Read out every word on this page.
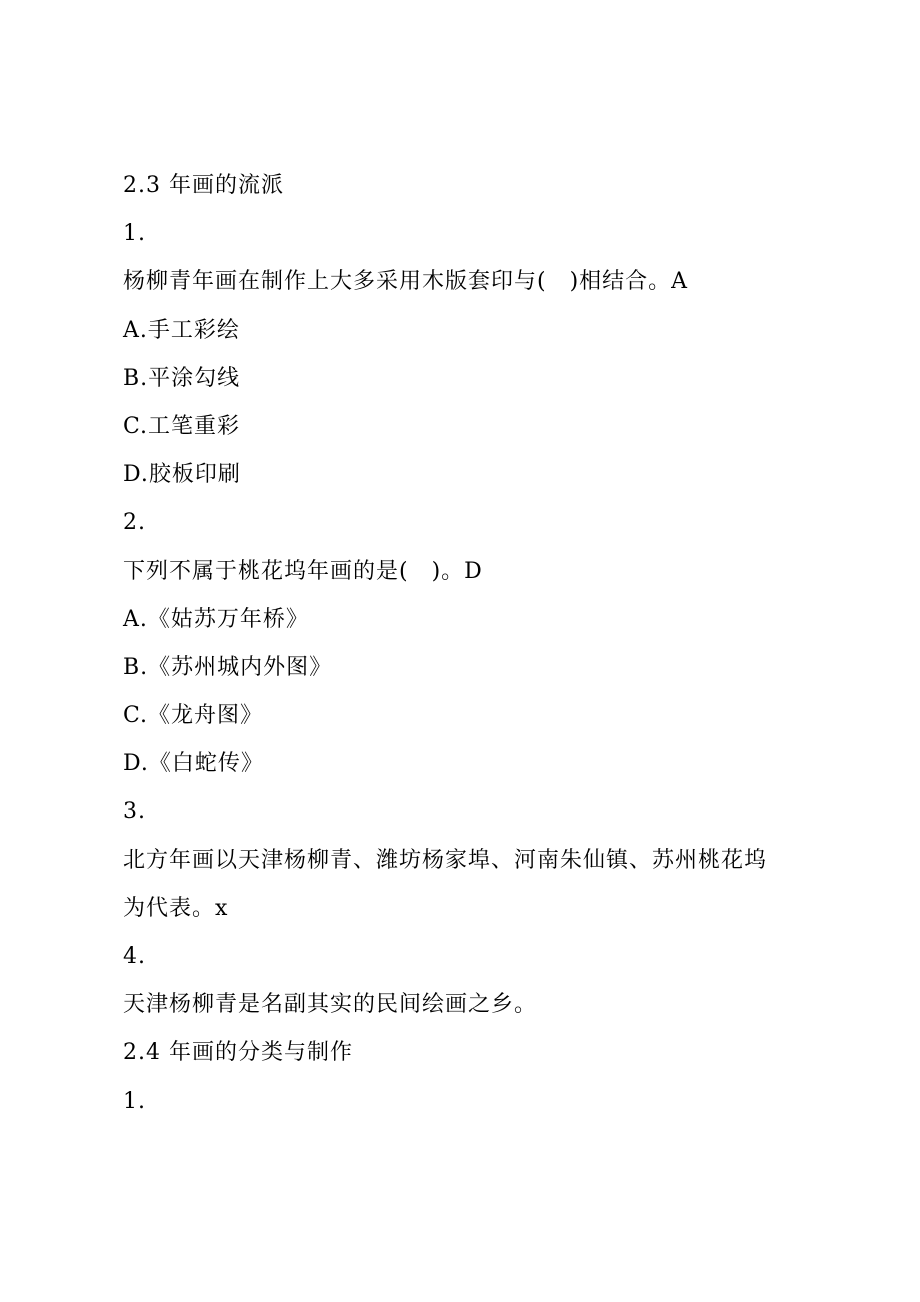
2.3 年画的流派
1.
杨柳青年画在制作上大多采用木版套印与(　)相结合。A
A.手工彩绘
B.平涂勾线
C.工笔重彩
D.胶板印刷
2.
下列不属于桃花坞年画的是(　)。D
A.《姑苏万年桥》
B.《苏州城内外图》
C.《龙舟图》
D.《白蛇传》
3.
北方年画以天津杨柳青、潍坊杨家埠、河南朱仙镇、苏州桃花坞
为代表。x
4.
天津杨柳青是名副其实的民间绘画之乡。
2.4 年画的分类与制作
1.
